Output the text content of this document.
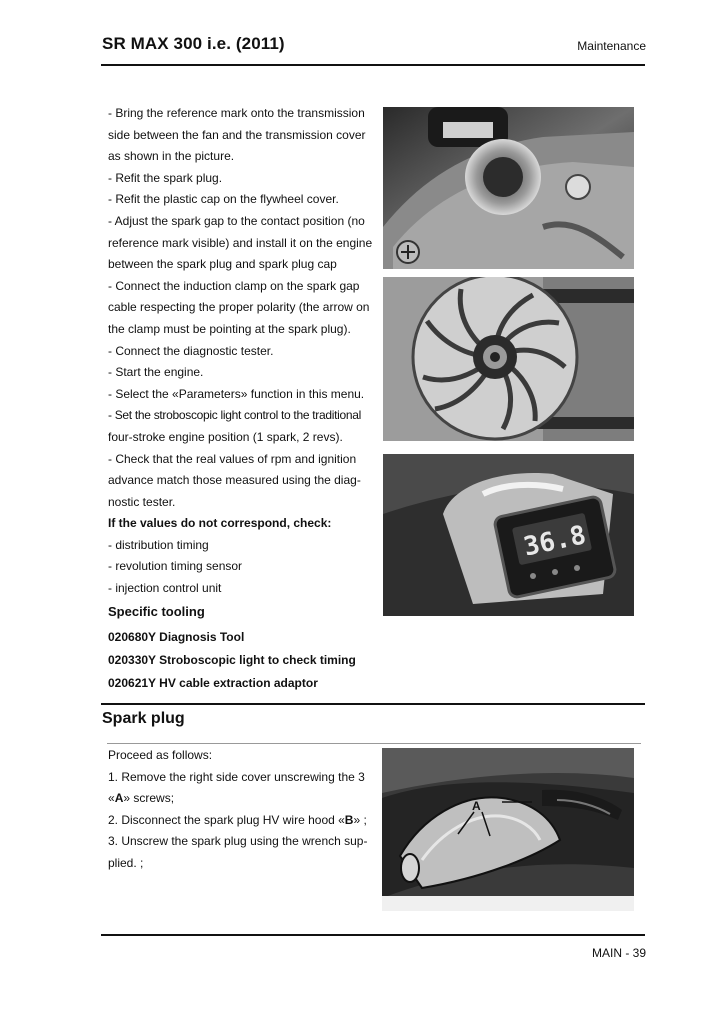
SR MAX 300 i.e. (2011)	Maintenance
- Bring the reference mark onto the transmission
side between the fan and the transmission cover
as shown in the picture.
- Refit the spark plug.
- Refit the plastic cap on the flywheel cover.
- Adjust the spark gap to the contact position (no
reference mark visible) and install it on the engine
between the spark plug and spark plug cap
- Connect the induction clamp on the spark gap
cable respecting the proper polarity (the arrow on
the clamp must be pointing at the spark plug).
- Connect the diagnostic tester.
- Start the engine.
- Select the «Parameters» function in this menu.
- Set the stroboscopic light control to the traditional
four-stroke engine position (1 spark, 2 revs).
- Check that the real values of rpm and ignition
advance match those measured using the diag-
nostic tester.
If the values do not correspond, check:
- distribution timing
- revolution timing sensor
- injection control unit
Specific tooling
020680Y Diagnosis Tool
020330Y Stroboscopic light to check timing
020621Y HV cable extraction adaptor
36.8
Spark plug
Proceed as follows:
1. Remove the right side cover unscrewing the 3
«A» screws;
2. Disconnect the spark plug HV wire hood «B» ;
3. Unscrew the spark plug using the wrench sup-
plied. ;
A
MAIN - 39
